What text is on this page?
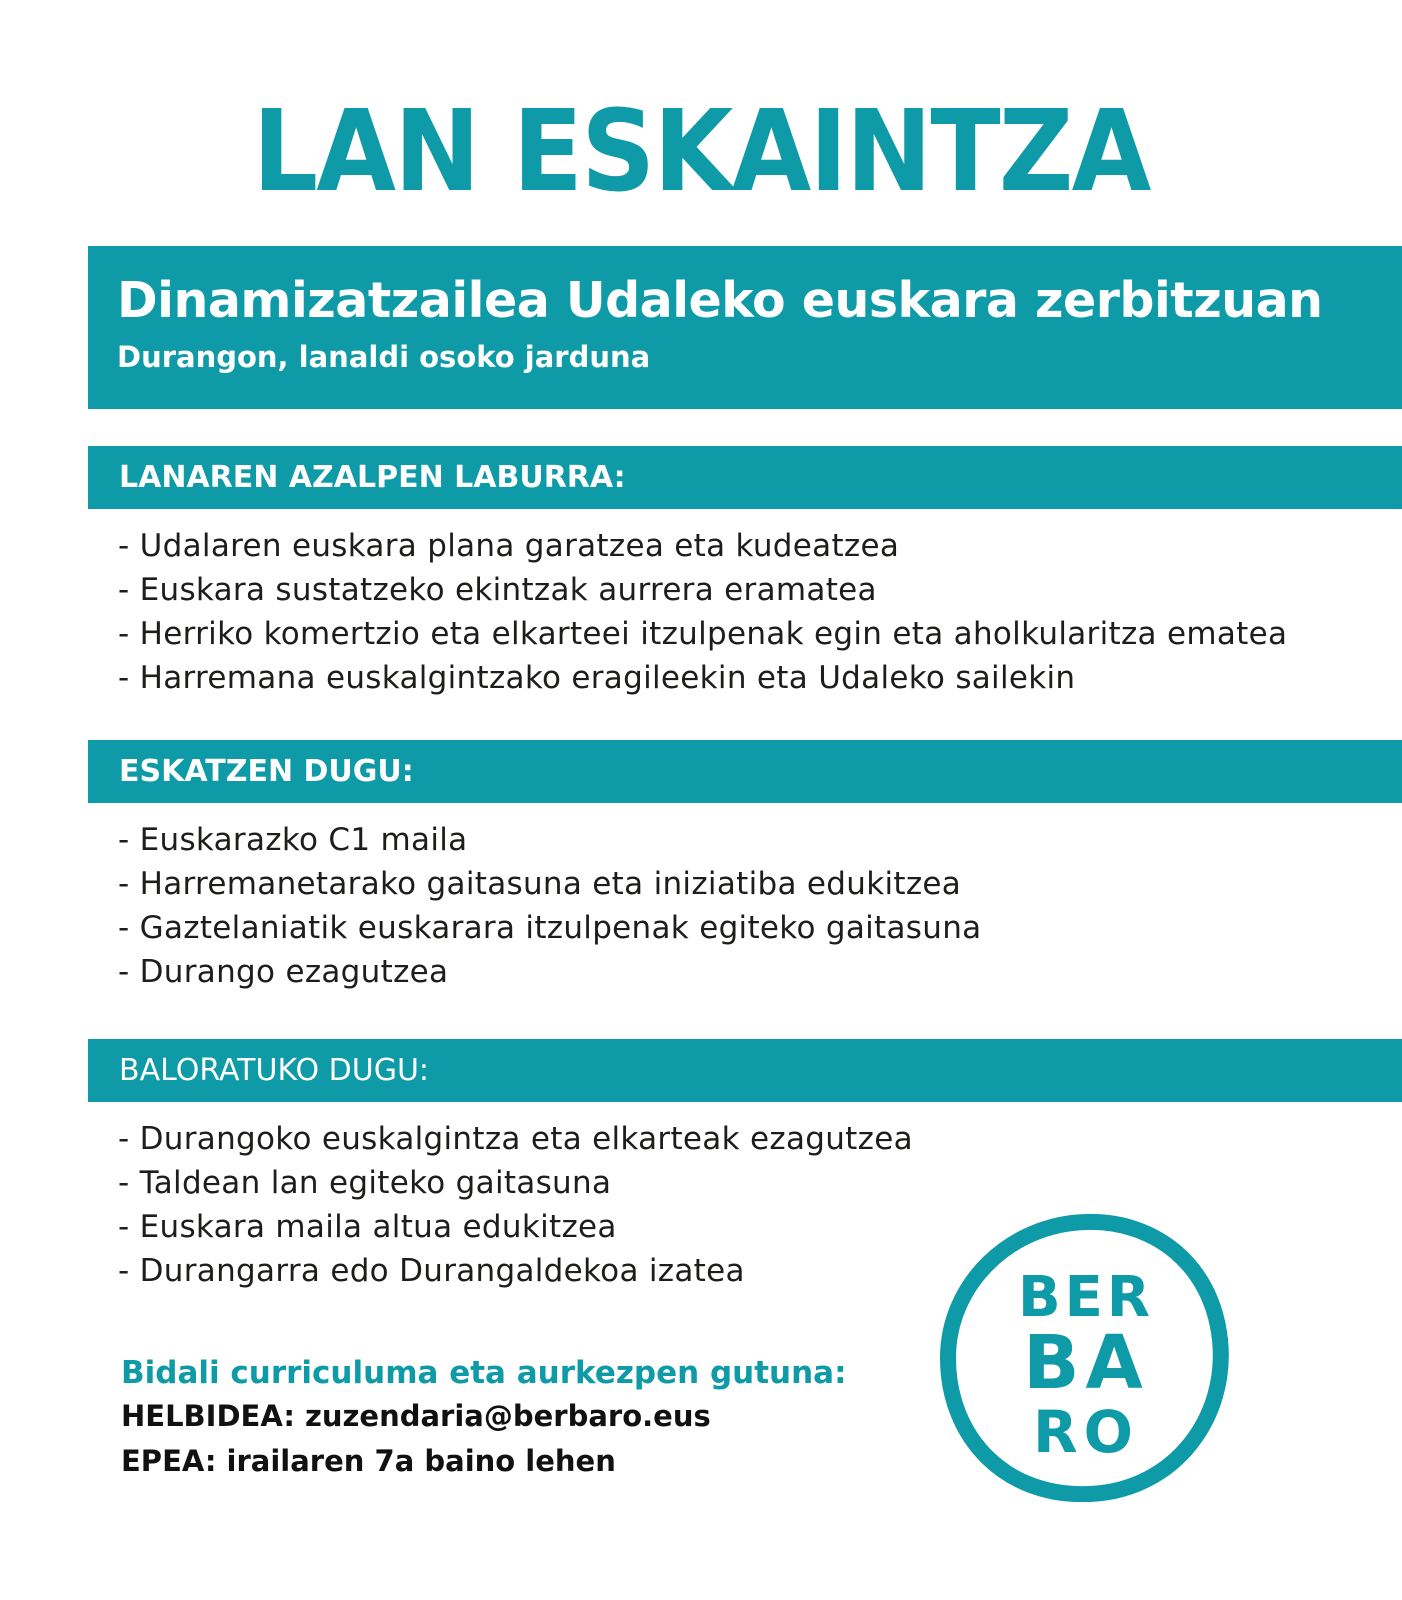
LAN ESKAINTZA
Dinamizatzailea Udaleko euskara zerbitzuan
Durangon, lanaldi osoko jarduna
LANAREN AZALPEN LABURRA:
- Udalaren euskara plana garatzea eta kudeatzea
- Euskara sustatzeko ekintzak aurrera eramatea
- Herriko komertzio eta elkarteei itzulpenak egin eta aholkularitza ematea
- Harremana euskalgintzako eragileekin eta Udaleko sailekin
ESKATZEN DUGU:
- Euskarazko C1 maila
- Harremanetarako gaitasuna eta iniziatiba edukitzea
- Gaztelaniatik euskarara itzulpenak egiteko gaitasuna
- Durango ezagutzea
BALORATUKO DUGU:
- Durangoko euskalgintza eta elkarteak ezagutzea
- Taldean lan egiteko gaitasuna
- Euskara maila altua edukitzea
- Durangarra edo Durangaldekoa izatea

Bidali curriculuma eta aurkezpen gutuna:

HELBIDEA: zuzendaria@berbaro.eus

EPEA: irailaren 7a baino lehen

BER
BA
RO
